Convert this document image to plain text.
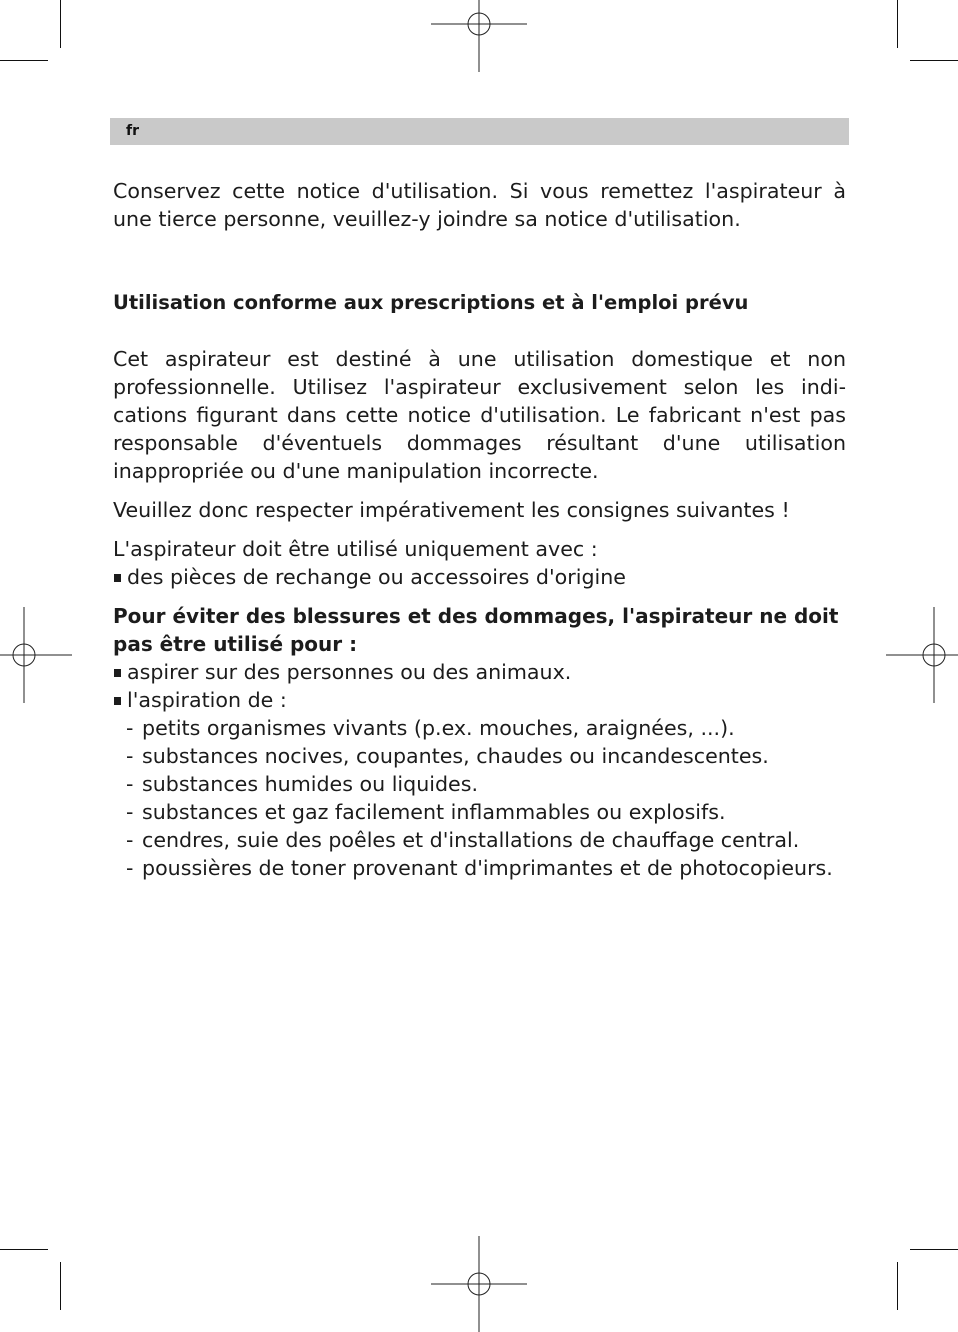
fr

Conservez cette notice d'utilisation. Si vous remettez l'aspirateur à une tierce personne, veuillez-y joindre sa notice d'utilisation.

Utilisation conforme aux prescriptions et à l'emploi prévu

Cet aspirateur est destiné à une utilisation domestique et non professionnelle. Utilisez l'aspirateur exclusivement selon les indications figurant dans cette notice d'utilisation. Le fabricant n'est pas responsable d'éventuels dommages résultant d'une utilisation inappropriée ou d'une manipulation incorrecte.

Veuillez donc respecter impérativement les consignes suivantes !

L'aspirateur doit être utilisé uniquement avec :

des pièces de rechange ou accessoires d'origine

Pour éviter des blessures et des dommages, l'aspirateur ne doit pas être utilisé pour :

aspirer sur des personnes ou des animaux.

l'aspiration de :

- petits organismes vivants (p.ex. mouches, araignées, ...).

- substances nocives, coupantes, chaudes ou incandescentes.

- substances humides ou liquides.

- substances et gaz facilement inflammables ou explosifs.

- cendres, suie des poêles et d'installations de chauffage central.

- poussières de toner provenant d'imprimantes et de photocopieurs.
